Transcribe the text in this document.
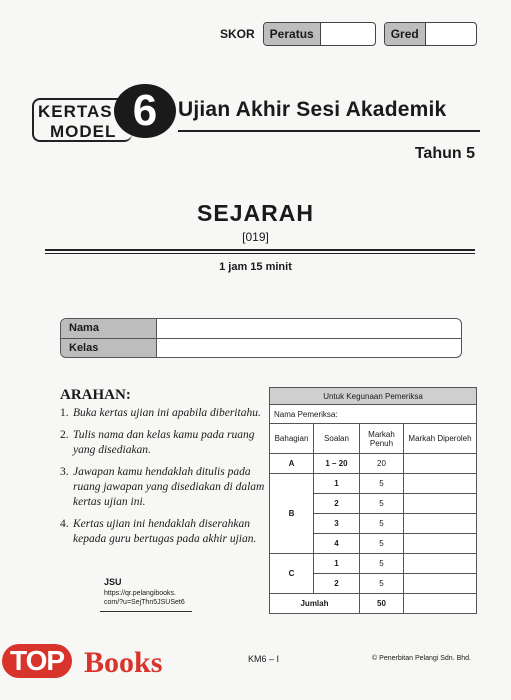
SKOR	Peratus	Gred
KERTAS
MODEL 6 Ujian Akhir Sesi Akademik
Tahun 5
SEJARAH
[019]
1 jam 15 minit
Nama
Kelas
ARAHAN:
1. Buka kertas ujian ini apabila diberitahu.
2. Tulis nama dan kelas kamu pada ruang yang disediakan.
3. Jawapan kamu hendaklah ditulis pada ruang jawapan yang disediakan di dalam kertas ujian ini.
4. Kertas ujian ini hendaklah diserahkan kepada guru bertugas pada akhir ujian.
JSU
https://qr.pelangibooks.
com/?u=SejThn5JSUSet6
Untuk Kegunaan Pemeriksa			
Nama Pemeriksa:			
Bahagian	Soalan	Markah Penuh	Markah Diperoleh
A	1 – 20	20	
B	1	5	
	2	5	
	3	5	
	4	5	
C	1	5	
	2	5	
Jumlah		50	
KM6 – I	© Penerbitan Pelangi Sdn. Bhd.
TOP Books
